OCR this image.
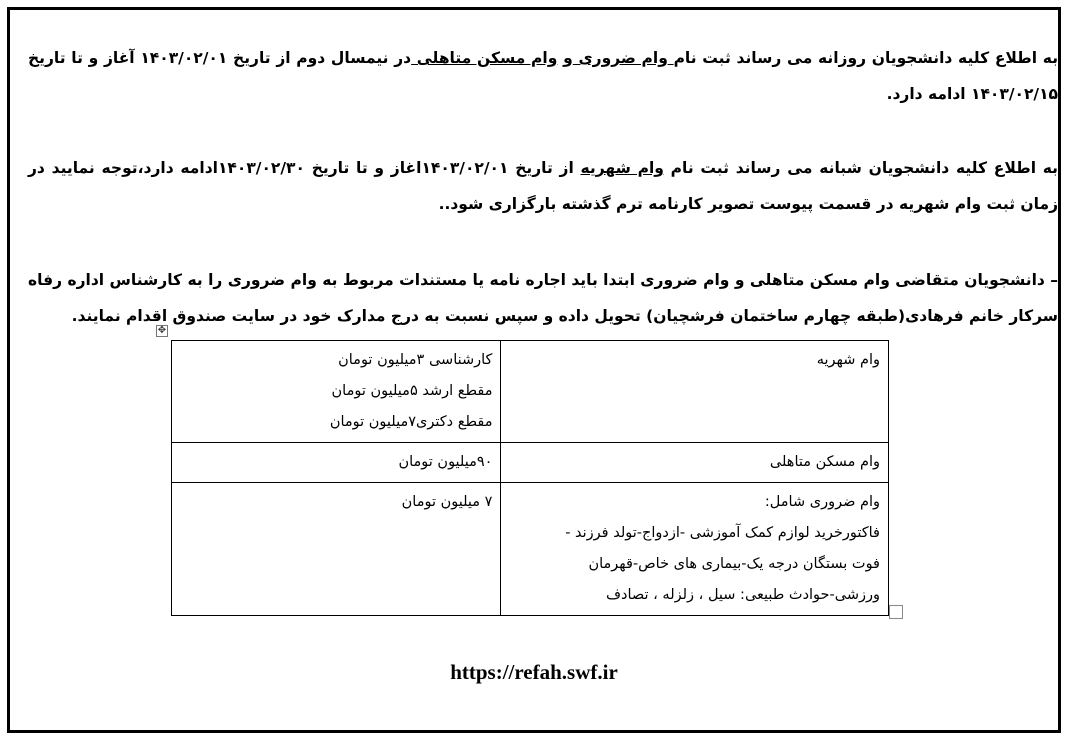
به اطلاع کلیه دانشجویان روزانه می رساند ثبت نام وام ضروری و وام مسکن متاهلی در نیمسال دوم از تاریخ ۱۴۰۳/۰۲/۰۱ آغاز و تا تاریخ ۱۴۰۳/۰۲/۱۵ ادامه دارد.
به اطلاع کلیه دانشجویان شبانه می رساند ثبت نام وام شهریه از تاریخ ۱۴۰۳/۰۲/۰۱اغاز و تا تاریخ ۱۴۰۳/۰۲/۳۰ادامه دارد،توجه نمایید در زمان ثبت وام شهریه در قسمت پیوست تصویر کارنامه ترم گذشته بارگزاری شود..
– دانشجویان متقاضی وام مسکن متاهلی و وام ضروری ابتدا باید اجاره نامه یا مستندات مربوط به وام ضروری را به کارشناس اداره رفاه سرکار خانم فرهادی(طبقه چهارم ساختمان فرشچیان) تحویل داده و سپس نسبت به درج مدارک خود در سایت صندوق اقدام نمایند.
✥
وام شهریه	کارشناسی ۳میلیون تومان
مقطع ارشد ۵میلیون تومان
مقطع دکتری۷میلیون تومان

وام مسکن متاهلی	۹۰میلیون تومان

وام ضروری شامل:
فاکتورخرید لوازم کمک آموزشی -ازدواج-تولد فرزند -
فوت بستگان درجه یک-بیماری های خاص-قهرمان
ورزشی-حوادث طبیعی: سیل ، زلزله ، تصادف	۷ میلیون تومان
https://refah.swf.ir
